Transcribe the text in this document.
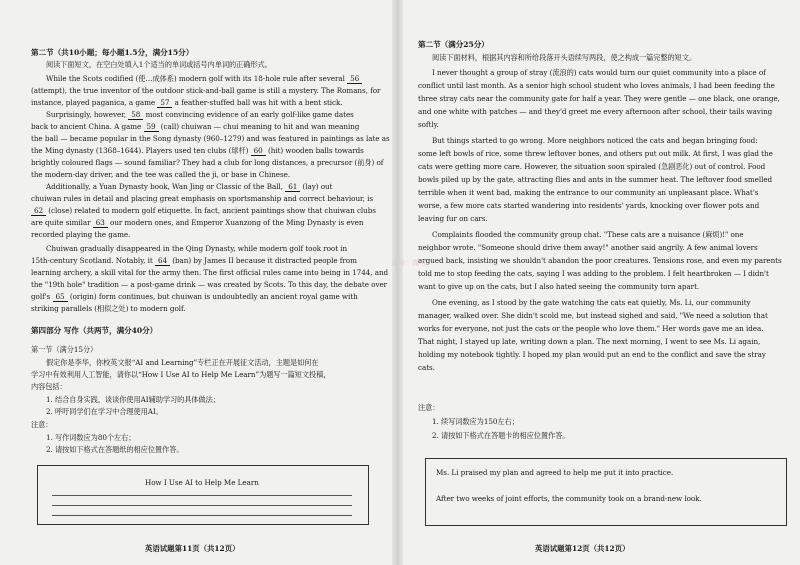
第二节（共10小题；每小题1.5分，满分15分）
阅读下面短文，在空白处填入1个适当的单词或括号内单词的正确形式。
While the Scots codified (使…成体系) modern golf with its 18-hole rule after several 56
(attempt), the true inventor of the outdoor stick-and-ball game is still a mystery. The Romans, for
instance, played paganica, a game 57 a feather-stuffed ball was hit with a bent stick.
Surprisingly, however, 58 most convincing evidence of an early golf-like game dates
back to ancient China. A game 59 (call) chuiwan — chui meaning to hit and wan meaning
the ball — became popular in the Song dynasty (960–1279) and was featured in paintings as late as
the Ming dynasty (1368–1644). Players used ten clubs (球杆) 60 (hit) wooden balls towards
brightly coloured flags — sound familiar? They had a club for long distances, a precursor (前身) of
the modern-day driver, and the tee was called the ji, or base in Chinese.
Additionally, a Yuan Dynasty book, Wan Jing or Classic of the Ball, 61 (lay) out
chuiwan rules in detail and placing great emphasis on sportsmanship and correct behaviour, is
62 (close) related to modern golf etiquette. In fact, ancient paintings show that chuiwan clubs
are quite similar 63 our modern ones, and Emperor Xuanzong of the Ming Dynasty is even
recorded playing the game.
Chuiwan gradually disappeared in the Qing Dynasty, while modern golf took root in
15th-century Scotland. Notably, it 64 (ban) by James II because it distracted people from
learning archery, a skill vital for the army then. The first official rules came into being in 1744, and
the "19th hole" tradition — a post-game drink — was created by Scots. To this day, the debate over
golf's 65 (origin) form continues, but chuiwan is undoubtedly an ancient royal game with
striking parallels (相似之处) to modern golf.
第四部分 写作（共两节，满分40分）
第一节（满分15分）
假定你是李华，你校英文报“AI and Learning”专栏正在开展征文活动，主题是如何在
学习中有效利用人工智能，请你以“How I Use AI to Help Me Learn”为题写一篇短文投稿，
内容包括：
1. 结合自身实践，谈谈你使用AI辅助学习的具体做法；
2. 呼吁同学们在学习中合理使用AI。
注意：
1. 写作词数应为80个左右；
2. 请按如下格式在答题纸的相应位置作答。
How I Use AI to Help Me Learn
英语试题第11页（共12页）
第二节（满分25分）
阅读下面材料，根据其内容和所给段落开头语续写两段，使之构成一篇完整的短文。
I never thought a group of stray (流浪的) cats would turn our quiet community into a place of
conflict until last month. As a senior high school student who loves animals, I had been feeding the
three stray cats near the community gate for half a year. They were gentle — one black, one orange,
and one white with patches — and they'd greet me every afternoon after school, their tails waving
softly.
But things started to go wrong. More neighbors noticed the cats and began bringing food:
some left bowls of rice, some threw leftover bones, and others put out milk. At first, I was glad the
cats were getting more care. However, the situation soon spiraled (急剧恶化) out of control. Food
bowls piled up by the gate, attracting flies and ants in the summer heat. The leftover food smelled
terrible when it went bad, making the entrance to our community an unpleasant place. What's
worse, a few more cats started wandering into residents' yards, knocking over flower pots and
leaving fur on cars.
Complaints flooded the community group chat. "These cats are a nuisance (麻烦)!" one
neighbor wrote. "Someone should drive them away!" another said angrily. A few animal lovers
argued back, insisting we shouldn't abandon the poor creatures. Tensions rose, and even my parents
told me to stop feeding the cats, saying I was adding to the problem. I felt heartbroken — I didn't
want to give up on the cats, but I also hated seeing the community torn apart.
One evening, as I stood by the gate watching the cats eat quietly, Ms. Li, our community
manager, walked over. She didn't scold me, but instead sighed and said, "We need a solution that
works for everyone, not just the cats or the people who love them." Her words gave me an idea.
That night, I stayed up late, writing down a plan. The next morning, I went to see Ms. Li again,
holding my notebook tightly. I hoped my plan would put an end to the conflict and save the stray
cats.
众号：高考
注意：
1. 续写词数应为150左右；
2. 请按如下格式在答题卡的相应位置作答。
Ms. Li praised my plan and agreed to help me put it into practice.
After two weeks of joint efforts, the community took on a brand-new look.
英语试题第12页（共12页）
